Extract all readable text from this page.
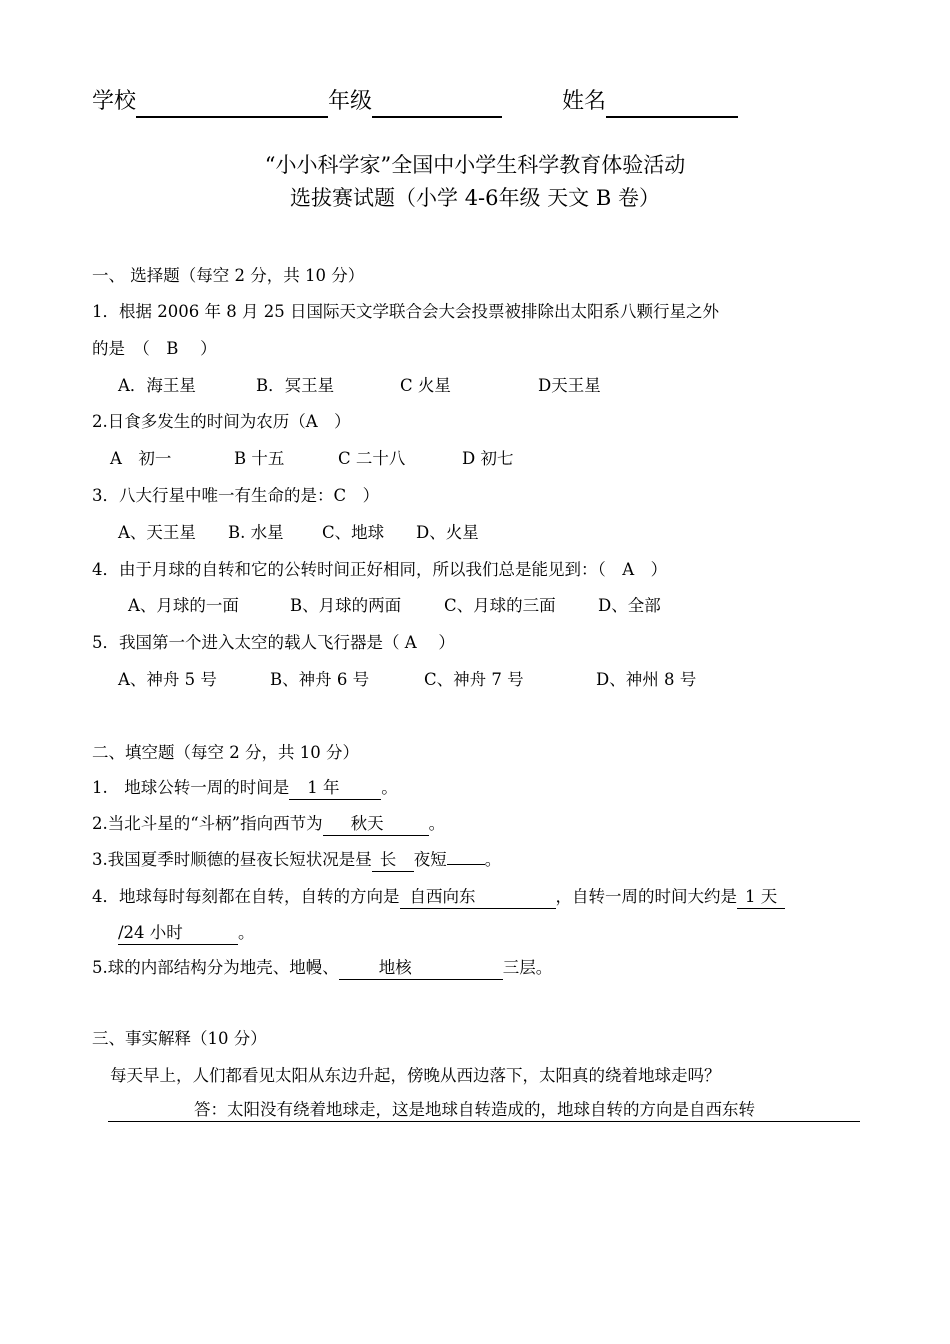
学校	年级	姓名
“小小科学家”全国中小学生科学教育体验活动
选拔赛试题（小学 4-6年级 天文 B 卷）
一、 选择题（每空 2 分，共 10 分）
1．根据 2006 年 8 月 25 日国际天文学联合会大会投票被排除出太阳系八颗行星之外
的是　（　B　 ）
A．海王星	B．冥王星	C 火星	D天王星
2.日食多发生的时间为农历（A　）
A　初一	B 十五	C 二十八	D 初七
3．八大行星中唯一有生命的是：C　）
A、天王星 B. 水星 C、地球 D、火星
4．由于月球的自转和它的公转时间正好相同，所以我们总是能见到：（　A　）
A、月球的一面	B、月球的两面	C、月球的三面	D、全部
5．我国第一个进入太空的载人飞行器是（ A　 ）
A、神舟 5 号	B、神舟 6 号	C、神舟 7 号	D、神州 8 号
二、填空题（每空 2 分，共 10 分）
1.　地球公转一周的时间是 1 年	。
2.当北斗星的“斗柄”指向西节为 秋天	。
3.我国夏季时顺德的昼夜长短状况是昼 长 夜短 。
4．地球每时每刻都在自转，自转的方向是 自西向东	，自转一周的时间大约是 1 天
/24 小时	。
5.球的内部结构分为地壳、地幔、 地核	三层。
三、事实解释（10 分）
每天早上，人们都看见太阳从东边升起，傍晚从西边落下，太阳真的绕着地球走吗？
答：太阳没有绕着地球走，这是地球自转造成的，地球自转的方向是自西东转
